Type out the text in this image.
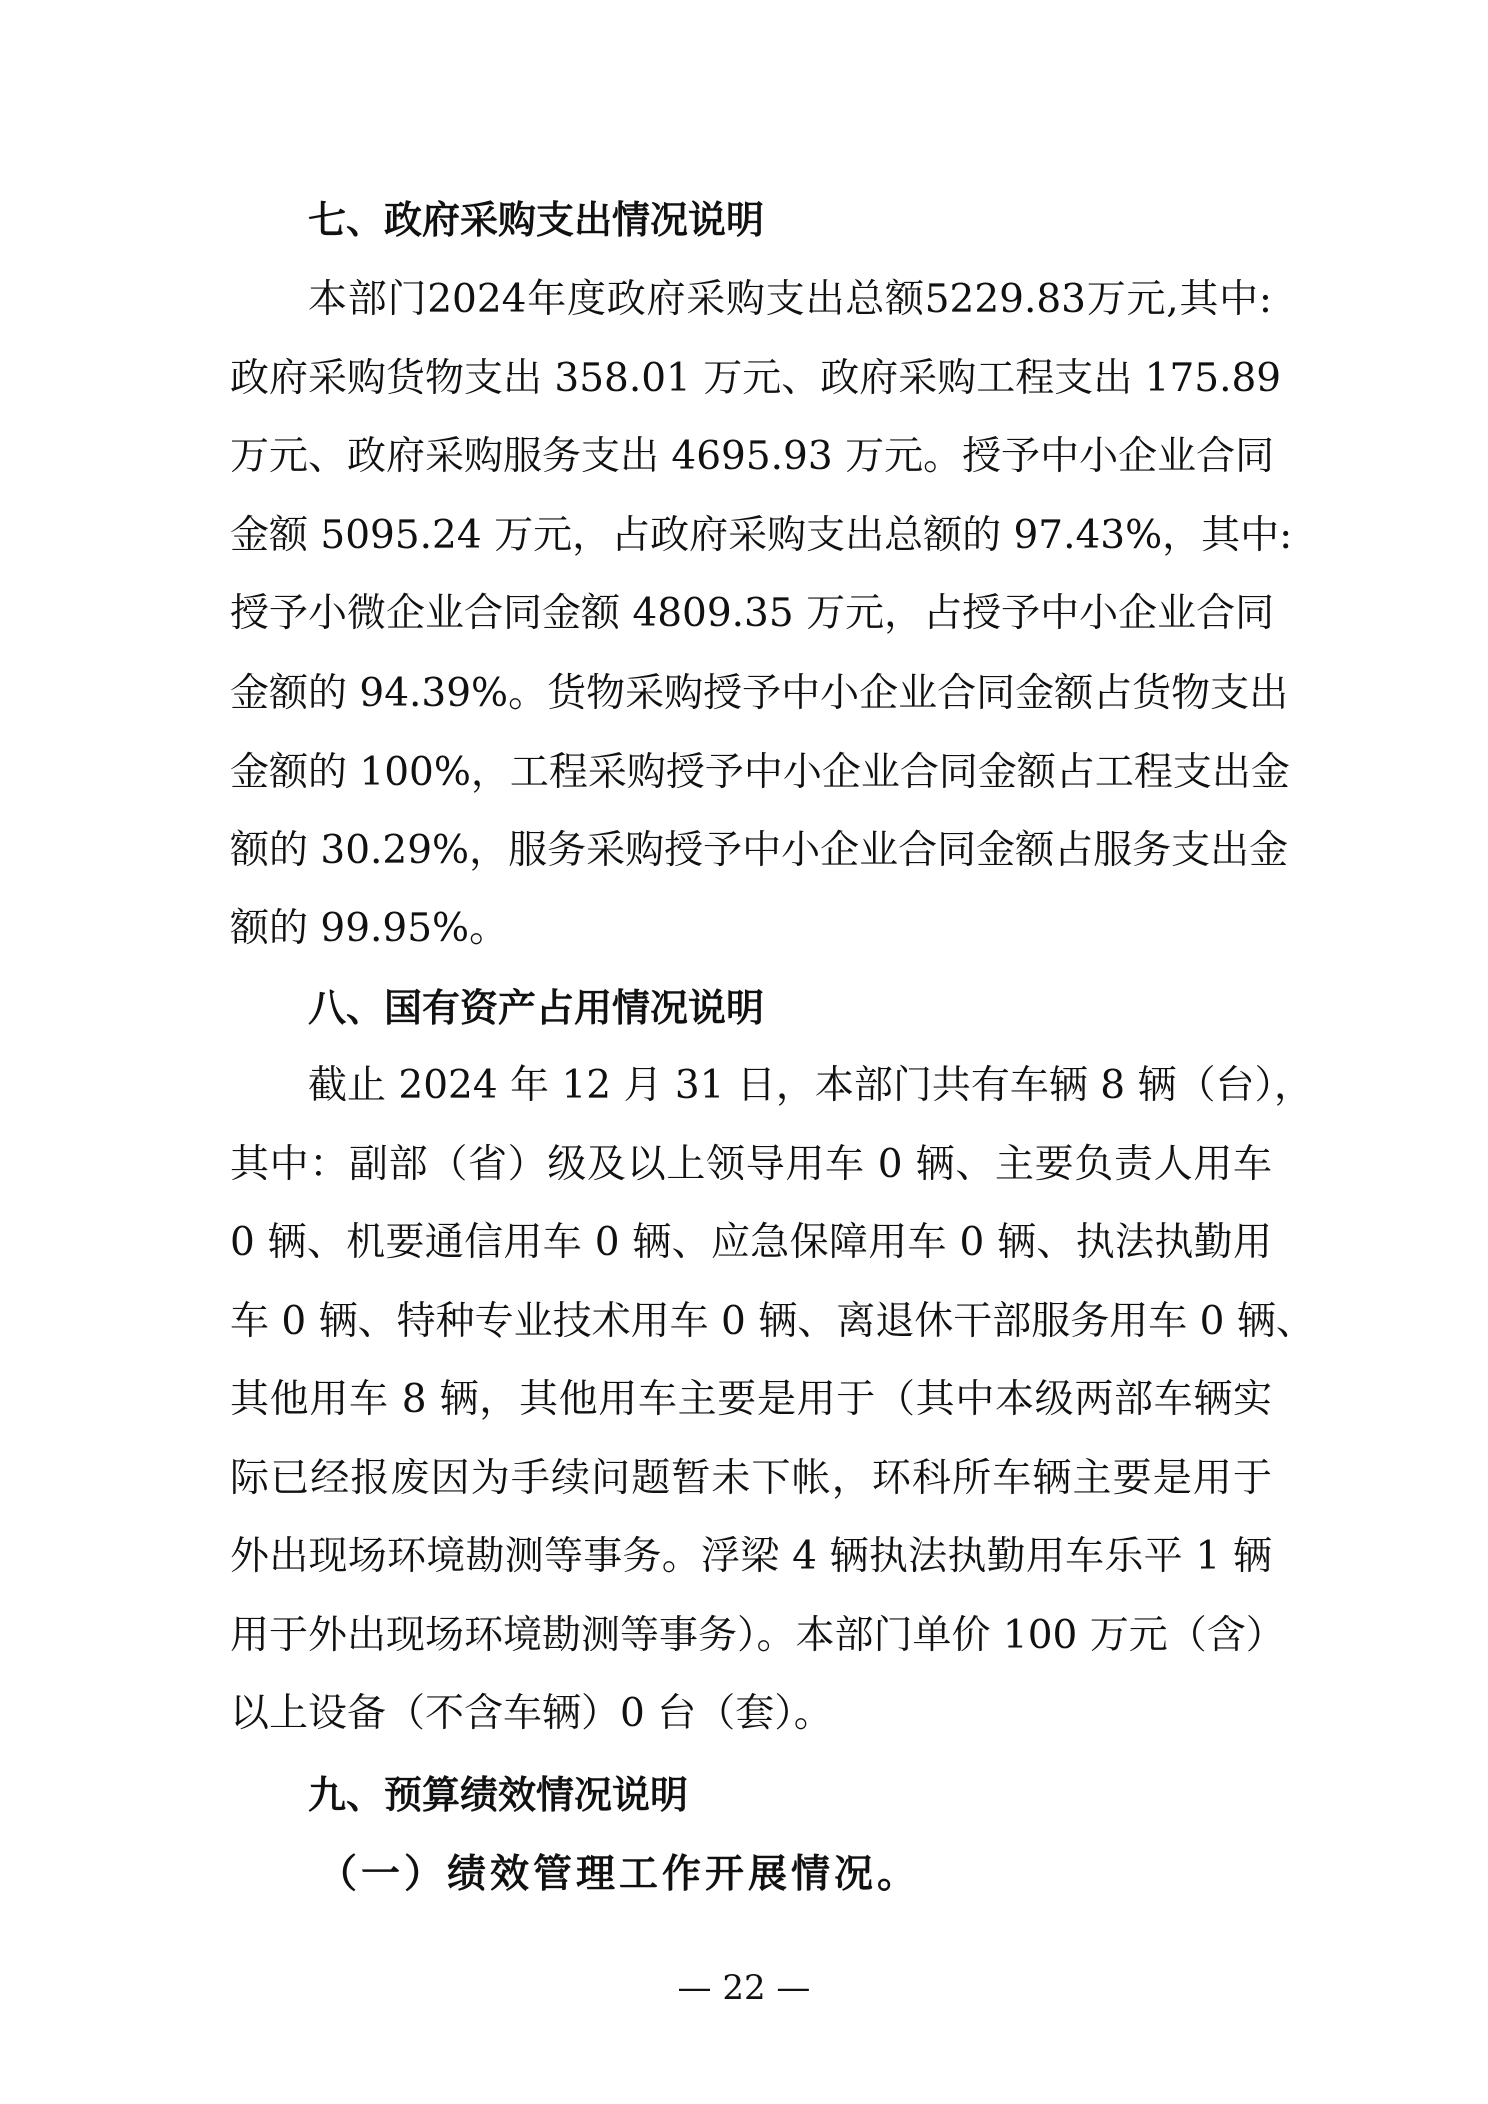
七、政府采购支出情况说明
本部门2024年度政府采购支出总额5229.83万元,其中:
政府采购货物支出 358.01 万元、政府采购工程支出 175.89
万元、政府采购服务支出 4695.93 万元。授予中小企业合同
金额 5095.24 万元，占政府采购支出总额的 97.43%，其中:
授予小微企业合同金额 4809.35 万元，占授予中小企业合同
金额的 94.39%。货物采购授予中小企业合同金额占货物支出
金额的 100%，工程采购授予中小企业合同金额占工程支出金
额的 30.29%，服务采购授予中小企业合同金额占服务支出金
额的 99.95%。
八、国有资产占用情况说明
截止 2024 年 12 月 31 日，本部门共有车辆 8 辆（台），
其中：副部（省）级及以上领导用车 0 辆、主要负责人用车
0 辆、机要通信用车 0 辆、应急保障用车 0 辆、执法执勤用
车 0 辆、特种专业技术用车 0 辆、离退休干部服务用车 0 辆、
其他用车 8 辆，其他用车主要是用于（其中本级两部车辆实
际已经报废因为手续问题暂未下帐，环科所车辆主要是用于
外出现场环境勘测等事务。浮梁 4 辆执法执勤用车乐平 1 辆
用于外出现场环境勘测等事务）。本部门单价 100 万元（含）
以上设备（不含车辆）0 台（套）。
九、预算绩效情况说明
（一）绩效管理工作开展情况。
— 22 —
